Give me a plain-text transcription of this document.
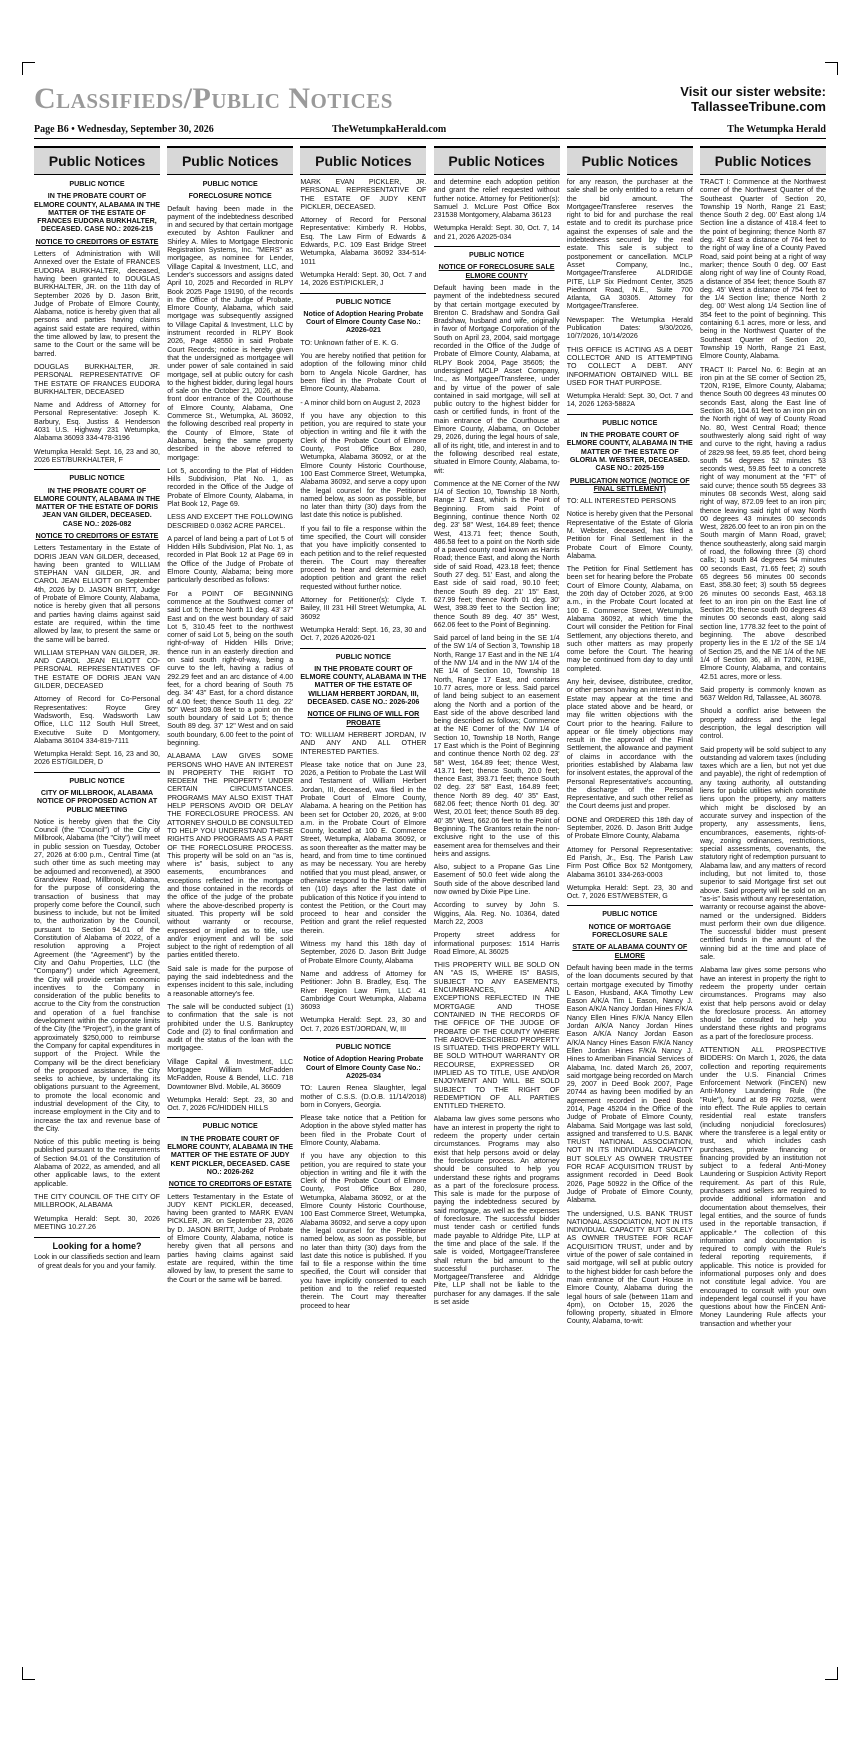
Classifieds/Public Notices	Visit our sister website:
TallasseeTribune.com
Page B6 • Wednesday, September 30, 2026	TheWetumpkaHerald.com	The Wetumpka Herald
Public Notices
PUBLIC NOTICE
IN THE PROBATE COURT OF ELMORE COUNTY, ALABAMA IN THE MATTER OF THE ESTATE OF FRANCES EUDORA BURKHALTER, DECEASED. CASE NO.: 2026-215
NOTICE TO CREDITORS OF ESTATE

Letters of Administration with Will Annexed over the Estate of FRANCES EUDORA BURKHALTER, deceased, having been granted to DOUGLAS BURKHALTER, JR. on the 11th day of September 2026 by D. Jason Britt, Judge of Probate of Elmore County, Alabama, notice is hereby given that all persons and parties having claims against said estate are required, within the time allowed by law, to present the same to the Court or the same will be barred.

DOUGLAS BURKHALTER, JR. PERSONAL REPRESENTATIVE OF THE ESTATE OF FRANCES EUDORA BURKHALTER, DECEASED

Name and Address of Attorney for Personal Representative: Joseph K. Barbury, Esq. Justiss & Henderson 4031 U.S. Highway 231 Wetumpka, Alabama 36093 334-478-3196

Wetumpka Herald: Sept. 16, 23 and 30, 2026 EST/BURKHALTER, F

PUBLIC NOTICE
IN THE PROBATE COURT OF ELMORE COUNTY, ALABAMA IN THE MATTER OF THE ESTATE OF DORIS JEAN VAN GILDER, DECEASED. CASE NO.: 2026-082
NOTICE TO CREDITORS OF ESTATE

Letters Testamentary in the Estate of DORIS JEAN VAN GILDER, deceased, having been granted to WILLIAM STEPHAN VAN GILDER, JR. and CAROL JEAN ELLIOTT on September 4th, 2026 by D. JASON BRITT, Judge of Probate of Elmore County, Alabama, notice is hereby given that all persons and parties having claims against said estate are required, within the time allowed by law, to present the same or the same will be barred.

WILLIAM STEPHAN VAN GILDER, JR. AND CAROL JEAN ELLIOTT CO-PERSONAL REPRESENTATIVES OF THE ESTATE OF DORIS JEAN VAN GILDER, DECEASED

Attorney of Record for Co-Personal Representatives: Royce Grey Wadsworth, Esq. Wadsworth Law Office, LLC 112 South Hull Street, Executive Suite D Montgomery, Alabama 36104 334-819-7111

Wetumpka Herald: Sept. 16, 23 and 30, 2026 EST/GILDER, D

PUBLIC NOTICE
CITY OF MILLBROOK, ALABAMA NOTICE OF PROPOSED ACTION AT PUBLIC MEETING

Notice is hereby given that the City Council (the "Council") of the City of Millbrook, Alabama (the "City") will meet in public session on Tuesday, October 27, 2026 at 6:00 p.m., Central Time (at such other time as such meeting may be adjourned and reconvened), at 3900 Grandview Road, Millbrook, Alabama, for the purpose of considering the transaction of business that may properly come before the Council, such business to include, but not be limited to, the authorization by the Council, pursuant to Section 94.01 of the Constitution of Alabama of 2022, of a resolution approving a Project Agreement (the "Agreement") by the City and Oahu Properties, LLC (the "Company") under which Agreement, the City will provide certain economic incentives to the Company in consideration of the public benefits to accrue to the City from the construction and operation of a fuel franchise development within the corporate limits of the City (the "Project"), in the grant of approximately $250,000 to reimburse the Company for capital expenditures in support of the Project. While the Company will be the direct beneficiary of the proposed assistance, the City seeks to achieve, by undertaking its obligations pursuant to the Agreement, to promote the local economic and industrial development of the City, to increase employment in the City and to increase the tax and revenue base of the City.

Notice of this public meeting is being published pursuant to the requirements of Section 94.01 of the Constitution of Alabama of 2022, as amended, and all other applicable laws, to the extent applicable.

THE CITY COUNCIL OF THE CITY OF MILLBROOK, ALABAMA

Wetumpka Herald: Sept. 30, 2026 MEETING 10.27.26

Looking for a home?
Look in our classifieds section and learn of great deals for you and your family.
Public Notices
PUBLIC NOTICE
FORECLOSURE NOTICE

Default having been made in the payment of the indebtedness described in and secured by that certain mortgage executed by Ashton Faulkner and Shirley A. Miles to Mortgage Electronic Registration Systems, Inc. "MERS" as mortgagee, as nominee for Lender, Village Capital & Investment, LLC, and Lender's successors and assigns dated April 10, 2025 and Recorded in RLPY Book 2025 Page 19190, of the records in the Office of the Judge of Probate, Elmore County, Alabama, which said mortgage was subsequently assigned to Village Capital & Investment, LLC by instrument recorded in RLPY Book 2026, Page 48550 in said Probate Court Records; notice is hereby given that the undersigned as mortgagee will under power of sale contained in said mortgage, sell at public outcry for cash to the highest bidder, during legal hours of sale on the October 21, 2026, at the front door entrance of the Courthouse of Elmore County, Alabama, One Commerce St., Wetumpka, AL 36092, the following described real property in the County of Elmore, State of Alabama, being the same property described in the above referred to mortgage:

Lot 5, according to the Plat of Hidden Hills Subdivision, Plat No. 1, as recorded in the Office of the Judge of Probate of Elmore County, Alabama, in Plat Book 12, Page 69.

LESS AND EXCEPT THE FOLLOWING DESCRIBED 0.0362 ACRE PARCEL.

A parcel of land being a part of Lot 5 of Hidden Hills Subdivision, Plat No. 1, as recorded in Plat Book 12 at Page 69 in the Office of the Judge of Probate of Elmore County, Alabama; being more particularly described as follows:

For a POINT OF BEGINNING commence at the Southwest corner of said Lot 5; thence North 11 deg. 43' 37" East and on the west boundary of said Lot 5, 310.45 feet to the northwest corner of said Lot 5, being on the south right-of-way of Hidden Hills Drive; thence run in an easterly direction and on said south right-of-way, being a curve to the left, having a radius of 292.29 feet and an arc distance of 4.00 feet, for a chord bearing of South 75 deg. 34' 43" East, for a chord distance of 4.00 feet; thence South 11 deg. 22' 50" West 309.08 feet to a point on the south boundary of said Lot 5; thence South 89 deg. 37' 12" West and on said south boundary, 6.00 feet to the point of beginning.

ALABAMA LAW GIVES SOME PERSONS WHO HAVE AN INTEREST IN PROPERTY THE RIGHT TO REDEEM THE PROPERTY UNDER CERTAIN CIRCUMSTANCES. PROGRAMS MAY ALSO EXIST THAT HELP PERSONS AVOID OR DELAY THE FORECLOSURE PROCESS. AN ATTORNEY SHOULD BE CONSULTED TO HELP YOU UNDERSTAND THESE RIGHTS AND PROGRAMS AS A PART OF THE FORECLOSURE PROCESS. This property will be sold on an "as is, where is" basis, subject to any easements, encumbrances and exceptions reflected in the mortgage and those contained in the records of the office of the judge of the probate where the above-described property is situated. This property will be sold without warranty or recourse, expressed or implied as to title, use and/or enjoyment and will be sold subject to the right of redemption of all parties entitled thereto.

Said sale is made for the purpose of paying the said indebtedness and the expenses incident to this sale, including a reasonable attorney's fee.

The sale will be conducted subject (1) to confirmation that the sale is not prohibited under the U.S. Bankruptcy Code and (2) to final confirmation and audit of the status of the loan with the mortgagee.

Village Capital & Investment, LLC Mortgagee William McFadden McFadden, Rouse & Bendel, LLC. 718 Downtowner Blvd. Mobile, AL 36609

Wetumpka Herald: Sept. 23, 30 and Oct. 7, 2026 FC/HIDDEN HILLS

PUBLIC NOTICE
IN THE PROBATE COURT OF ELMORE COUNTY, ALABAMA IN THE MATTER OF THE ESTATE OF JUDY KENT PICKLER, DECEASED. CASE NO.: 2026-262
NOTICE TO CREDITORS OF ESTATE

Letters Testamentary in the Estate of JUDY KENT PICKLER, deceased, having been granted to MARK EVAN PICKLER, JR. on September 23, 2026 by D. JASON BRITT, Judge of Probate of Elmore County, Alabama, notice is hereby given that all persons and parties having claims against said estate are required, within the time allowed by law, to present the same to the Court or the same will be barred.

Public Notices

MARK EVAN PICKLER, JR. PERSONAL REPRESENTATIVE OF THE ESTATE OF JUDY KENT PICKLER, DECEASED.

Attorney of Record for Personal Representative: Kimberly R. Hobbs, Esq. The Law Firm of Edwards & Edwards, P.C. 109 East Bridge Street Wetumpka, Alabama 36092 334-514-1011

Wetumpka Herald: Sept. 30, Oct. 7 and 14, 2026 EST/PICKLER, J

PUBLIC NOTICE
Notice of Adoption Hearing Probate Court of Elmore County Case No.: A2026-021

TO: Unknown father of E. K. G.

You are hereby notified that petition for adoption of the following minor child born to Angela Nicole Gardner, has been filed in the Probate Court of Elmore County, Alabama.

- A minor child born on August 2, 2023

If you have any objection to this petition, you are required to state your objection in writing and file it with the Clerk of the Probate Court of Elmore County, Post Office Box 280, Wetumpka, Alabama 36092, or at the Elmore County Historic Courthouse, 100 East Commerce Street, Wetumpka, Alabama 36092, and serve a copy upon the legal counsel for the Petitioner named below, as soon as possible, but no later than thirty (30) days from the last date this notice is published.

If you fail to file a response within the time specified, the Court will consider that you have implicitly consented to each petition and to the relief requested therein. The Court may thereafter proceed to hear and determine each adoption petition and grant the relief requested without further notice.

Attorney for Petitioner(s): Clyde T. Bailey, III 231 Hill Street Wetumpka, AL 36092

Wetumpka Herald: Sept. 16, 23, 30 and Oct. 7, 2026 A2026-021

PUBLIC NOTICE
IN THE PROBATE COURT OF ELMORE COUNTY, ALABAMA IN THE MATTER OF THE ESTATE OF WILLIAM HERBERT JORDAN, III, DECEASED. CASE NO.: 2026-206
NOTICE OF FILING OF WILL FOR PROBATE

TO: WILLIAM HERBERT JORDAN, IV AND ANY AND ALL OTHER INTERESTED PARTIES.

Please take notice that on June 23, 2026, a Petition to Probate the Last Will and Testament of William Herbert Jordan, III, deceased, was filed in the Probate Court of Elmore County, Alabama. A hearing on the Petition has been set for October 20, 2026, at 9:00 a.m. in the Probate Court of Elmore County, located at 100 E. Commerce Street, Wetumpka, Alabama 36092, or as soon thereafter as the matter may be heard, and from time to time continued as may be necessary. You are hereby notified that you must plead, answer, or otherwise respond to the Petition within ten (10) days after the last date of publication of this Notice if you intend to contest the Petition, or the Court may proceed to hear and consider the Petition and grant the relief requested therein.

Witness my hand this 18th day of September, 2026 D. Jason Britt Judge of Probate Elmore County, Alabama

Name and address of Attorney for Petitioner: John B. Bradley, Esq. The River Region Law Firm, LLC 41 Cambridge Court Wetumpka, Alabama 36093

Wetumpka Herald: Sept. 23, 30 and Oct. 7, 2026 EST/JORDAN, W, III

PUBLIC NOTICE
Notice of Adoption Hearing Probate Court of Elmore County Case No.: A2025-034

TO: Lauren Renea Slaughter, legal mother of C.S.S. (D.O.B. 11/14/2018) born in Conyers, Georgia.

Please take notice that a Petition for Adoption in the above styled matter has been filed in the Probate Court of Elmore County, Alabama.

If you have any objection to this petition, you are required to state your objection in writing and file it with the Clerk of the Probate Court of Elmore County, Post Office Box 280, Wetumpka, Alabama 36092, or at the Elmore County Historic Courthouse, 100 East Commerce Street, Wetumpka, Alabama 36092, and serve a copy upon the legal counsel for the Petitioner named below, as soon as possible, but no later than thirty (30) days from the last date this notice is published. If you fail to file a response within the time specified, the Court will consider that you have implicitly consented to each petition and to the relief requested therein. The Court may thereafter proceed to hear

Public Notices

and determine each adoption petition and grant the relief requested without further notice. Attorney for Petitioner(s): Samuel J. McLure Post Office Box 231538 Montgomery, Alabama 36123

Wetumpka Herald: Sept. 30, Oct. 7, 14 and 21, 2026 A2025-034

PUBLIC NOTICE
NOTICE OF FORECLOSURE SALE ELMORE COUNTY

Default having been made in the payment of the indebtedness secured by that certain mortgage executed by Brenton C. Bradshaw and Sondra Gail Bradshaw, husband and wife, originally in favor of Mortgage Corporation of the South on April 23, 2004, said mortgage recorded in the Office of the Judge of Probate of Elmore County, Alabama, at RLPY Book 2004, Page 35605; the undersigned MCLP Asset Company, Inc., as Mortgagee/Transferee, under and by virtue of the power of sale contained in said mortgage, will sell at public outcry to the highest bidder for cash or certified funds, in front of the main entrance of the Courthouse at Elmore County, Alabama, on October 29, 2026, during the legal hours of sale, all of its right, title, and interest in and to the following described real estate, situated in Elmore County, Alabama, to-wit:

Commence at the NE Corner of the NW 1/4 of Section 10, Township 18 North, Range 17 East, which is the Point of Beginning. From said Point of Beginning, continue thence North 02 deg. 23' 58" West, 164.89 feet; thence West, 413.71 feet; thence South, 486.58 feet to a point on the North side of a paved county road known as Harris Road; thence East, and along the North side of said Road, 423.18 feet; thence South 27 deg. 51' East, and along the East side of said road, 90.10 feet; thence South 89 deg. 21' 15" East, 627.99 feet; thence North 01 deg. 30' West, 398.39 feet to the Section line; thence South 89 deg. 40' 35" West, 662.06 feet to the Point of Beginning.

Said parcel of land being in the SE 1/4 of the SW 1/4 of Section 3, Township 18 North, Range 17 East and in the NE 1/4 of the NW 1/4 and in the NW 1/4 of the NE 1/4 of Section 10, Township 18 North, Range 17 East, and contains 10.77 acres, more or less. Said parcel of land being subject to an easement along the North and a portion of the East side of the above described land being described as follows; Commence at the NE Corner of the NW 1/4 of Section 10, Township 18 North, Range 17 East which is the Point of Beginning and continue thence North 02 deg. 23' 58" West, 164.89 feet; thence West, 413.71 feet; thence South, 20.0 feet; thence East, 393.71 feet; thence South 02 deg. 23' 58" East, 164.89 feet; thence North 89 deg. 40' 35" East, 682.06 feet; thence North 01 deg. 30' West, 20.01 feet; thence South 89 deg. 40' 35" West, 662.06 feet to the Point of Beginning. The Grantors retain the non-exclusive right to the use of this easement area for themselves and their heirs and assigns.

Also, subject to a Propane Gas Line Easement of 50.0 feet wide along the South side of the above described land now owned by Dixie Pipe Line.

According to survey by John S. Wiggins, Ala. Reg. No. 10364, dated March 22, 2003

Property street address for informational purposes: 1514 Harris Road Elmore, AL 36025

THIS PROPERTY WILL BE SOLD ON AN "AS IS, WHERE IS" BASIS, SUBJECT TO ANY EASEMENTS, ENCUMBRANCES, AND EXCEPTIONS REFLECTED IN THE MORTGAGE AND THOSE CONTAINED IN THE RECORDS OF THE OFFICE OF THE JUDGE OF PROBATE OF THE COUNTY WHERE THE ABOVE-DESCRIBED PROPERTY IS SITUATED. THIS PROPERTY WILL BE SOLD WITHOUT WARRANTY OR RECOURSE, EXPRESSED OR IMPLIED AS TO TITLE, USE AND/OR ENJOYMENT AND WILL BE SOLD SUBJECT TO THE RIGHT OF REDEMPTION OF ALL PARTIES ENTITLED THERETO.

Alabama law gives some persons who have an interest in property the right to redeem the property under certain circumstances. Programs may also exist that help persons avoid or delay the foreclosure process. An attorney should be consulted to help you understand these rights and programs as a part of the foreclosure process. This sale is made for the purpose of paying the indebtedness secured by said mortgage, as well as the expenses of foreclosure. The successful bidder must tender cash or certified funds made payable to Aldridge Pite, LLP at the time and place of the sale. If the sale is voided, Mortgagee/Transferee shall return the bid amount to the successful purchaser. The Mortgagee/Transferee and Aldridge Pite, LLP shall not be liable to the purchaser for any damages. If the sale is set aside

Public Notices

for any reason, the purchaser at the sale shall be only entitled to a return of the bid amount. The Mortgagee/Transferee reserves the right to bid for and purchase the real estate and to credit its purchase price against the expenses of sale and the indebtedness secured by the real estate. This sale is subject to postponement or cancellation. MCLP Asset Company, Inc., Mortgagee/Transferee ALDRIDGE PITE, LLP Six Piedmont Center, 3525 Piedmont Road, N.E., Suite 700 Atlanta, GA 30305. Attorney for Mortgagee/Transferee.

Newspaper: The Wetumpka Herald Publication Dates: 9/30/2026, 10/7/2026, 10/14/2026

THIS OFFICE IS ACTING AS A DEBT COLLECTOR AND IS ATTEMPTING TO COLLECT A DEBT. ANY INFORMATION OBTAINED WILL BE USED FOR THAT PURPOSE.

Wetumpka Herald: Sept. 30, Oct. 7 and 14, 2026 1263-5882A

PUBLIC NOTICE
IN THE PROBATE COURT OF ELMORE COUNTY, ALABAMA IN THE MATTER OF THE ESTATE OF GLORIA M. WEBSTER, DECEASED. CASE NO.: 2025-159
PUBLICATION NOTICE (NOTICE OF FINAL SETTLEMENT)

TO: ALL INTERESTED PERSONS

Notice is hereby given that the Personal Representative of the Estate of Gloria M. Webster, deceased, has filed a Petition for Final Settlement in the Probate Court of Elmore County, Alabama.

The Petition for Final Settlement has been set for hearing before the Probate Court of Elmore County, Alabama, on the 20th day of October 2026, at 9:00 a.m., in the Probate Court located at 100 E. Commerce Street, Wetumpka, Alabama 36092, at which time the Court will consider the Petition for Final Settlement, any objections thereto, and such other matters as may properly come before the Court. The hearing may be continued from day to day until completed.

Any heir, devisee, distributee, creditor, or other person having an interest in the Estate may appear at the time and place stated above and be heard, or may file written objections with the Court prior to the hearing. Failure to appear or file timely objections may result in the approval of the Final Settlement, the allowance and payment of claims in accordance with the priorities established by Alabama law for insolvent estates, the approval of the Personal Representative's accounting, the discharge of the Personal Representative, and such other relief as the Court deems just and proper.

DONE and ORDERED this 18th day of September, 2026. D. Jason Britt Judge of Probate Elmore County, Alabama

Attorney for Personal Representative: Ed Parish, Jr., Esq. The Parish Law Firm Post Office Box 52 Montgomery, Alabama 36101 334-263-0003

Wetumpka Herald: Sept. 23, 30 and Oct. 7, 2026 EST/WEBSTER, G

PUBLIC NOTICE
NOTICE OF MORTGAGE FORECLOSURE SALE
STATE OF ALABAMA COUNTY OF ELMORE

Default having been made in the terms of the loan documents secured by that certain mortgage executed by Timothy L Eason, Husband, AKA Timothy Lew Eason A/K/A Tim L Eason, Nancy J. Eason A/K/A Nancy Jordan Hines F/K/A Nancy Ellen Hines F/K/A Nancy Ellen Jordan A/K/A Nancy Jordan Hines Eason A/K/A Nancy Jordan Eason A/K/A Nancy Hines Eason F/K/A Nancy Ellen Jordan Hines F/K/A Nancy J. Hines to Ameriban Financial Services of Alabama, Inc. dated March 26, 2007, said mortgage being recorded on March 29, 2007 in Deed Book 2007, Page 20744 as having been modified by an agreement recorded in Deed Book 2014, Page 45204 in the Office of the Judge of Probate of Elmore County, Alabama. Said Mortgage was last sold, assigned and transferred to U.S. BANK TRUST NATIONAL ASSOCIATION, NOT IN ITS INDIVIDUAL CAPACITY BUT SOLELY AS OWNER TRUSTEE FOR RCAF ACQUISITION TRUST by assignment recorded in Deed Book 2026, Page 50922 in the Office of the Judge of Probate of Elmore County, Alabama.

The undersigned, U.S. BANK TRUST NATIONAL ASSOCIATION, NOT IN ITS INDIVIDUAL CAPACITY BUT SOLELY AS OWNER TRUSTEE FOR RCAF ACQUISITION TRUST, under and by virtue of the power of sale contained in said mortgage, will sell at public outcry to the highest bidder for cash before the main entrance of the Court House in Elmore County, Alabama during the legal hours of sale (between 11am and 4pm), on October 15, 2026 the following property, situated in Elmore County, Alabama, to-wit:

Public Notices

TRACT I: Commence at the Northwest corner of the Northwest Quarter of the Southeast Quarter of Section 20, Township 19 North, Range 21 East; thence South 2 deg. 00' East along 1/4 Section line a distance of 418.4 feet to the point of beginning; thence North 87 deg. 45' East a distance of 764 feet to the right of way line of a County Paved Road, said point being at a right of way marker; thence South 0 deg. 00' East along right of way line of County Road, a distance of 354 feet; thence South 87 deg. 45' West a distance of 754 feet to the 1/4 Section line; thence North 2 deg. 00' West along 1/4 Section line of 354 feet to the point of beginning. This containing 6.1 acres, more or less, and being in the Northwest Quarter of the Southeast Quarter of Section 20, Township 19 North, Range 21 East, Elmore County, Alabama.

TRACT II: Parcel No. 6: Begin at an iron pin at the SE corner of Section 25, T20N, R19E, Elmore County, Alabama; thence South 00 degrees 43 minutes 00 seconds East, along the East line of Section 36, 104.61 feet to an iron pin on the North right of way of County Road No. 80, West Central Road; thence southwesterly along said right of way and curve to the right, having a radius of 2829.98 feet, 59.85 feet, chord being south 54 degrees 52 minutes 53 seconds west, 59.85 feet to a concrete right of way monument at the "FT" of said curve; thence south 55 degrees 33 minutes 08 seconds West, along said right of way, 872.09 feet to an iron pin; thence leaving said right of way North 00 degrees 43 minutes 00 seconds West, 2826.00 feet to an iron pin on the South margin of Mann Road, gravel; thence southeasterly, along said margin of road, the following three (3) chord calls; 1) south 84 degrees 54 minutes 00 seconds East, 71.65 feet; 2) south 65 degrees 56 minutes 00 seconds East, 358.30 feet; 3) south 55 degrees 26 minutes 00 seconds East, 463.18 feet to an iron pin on the East line of Section 25; thence south 00 degrees 43 minutes 00 seconds east, along said section line, 1778.32 feet to the point of beginning. The above described property lies in the E 1/2 of the SE 1/4 of Section 25, and the NE 1/4 of the NE 1/4 of Section 36, all in T20N, R19E, Elmore County, Alabama, and contains 42.51 acres, more or less.

Said property is commonly known as 5637 Weldon Rd, Tallassee, AL 36078.

Should a conflict arise between the property address and the legal description, the legal description will control.

Said property will be sold subject to any outstanding ad valorem taxes (including taxes which are a lien, but not yet due and payable), the right of redemption of any taxing authority, all outstanding liens for public utilities which constitute liens upon the property, any matters which might be disclosed by an accurate survey and inspection of the property, any assessments, liens, encumbrances, easements, rights-of-way, zoning ordinances, restrictions, special assessments, covenants, the statutory right of redemption pursuant to Alabama law, and any matters of record including, but not limited to, those superior to said Mortgage first set out above. Said property will be sold on an "as-is" basis without any representation, warranty or recourse against the above-named or the undersigned. Bidders must perform their own due diligence. The successful bidder must present certified funds in the amount of the winning bid at the time and place of sale.

Alabama law gives some persons who have an interest in property the right to redeem the property under certain circumstances. Programs may also exist that help persons avoid or delay the foreclosure process. An attorney should be consulted to help you understand these rights and programs as a part of the foreclosure process.

ATTENTION ALL PROSPECTIVE BIDDERS: On March 1, 2026, the data collection and reporting requirements under the U.S. Financial Crimes Enforcement Network (FinCEN) new Anti-Money Laundering Rule (the "Rule"), found at 89 FR 70258, went into effect. The Rule applies to certain residential real estate transfers (including nonjudicial foreclosures) where the transferee is a legal entity or trust, and which includes cash purchases, private financing or financing provided by an institution not subject to a federal Anti-Money Laundering or Suspicion Activity Report requirement. As part of this Rule, purchasers and sellers are required to provide additional information and documentation about themselves, their legal entities, and the source of funds used in the reportable transaction, if applicable.* The collection of this information and documentation is required to comply with the Rule's federal reporting requirements, if applicable. This notice is provided for informational purposes only and does not constitute legal advice. You are encouraged to consult with your own independent legal counsel if you have questions about how the FinCEN Anti-Money Laundering Rule affects your transaction and whether your
